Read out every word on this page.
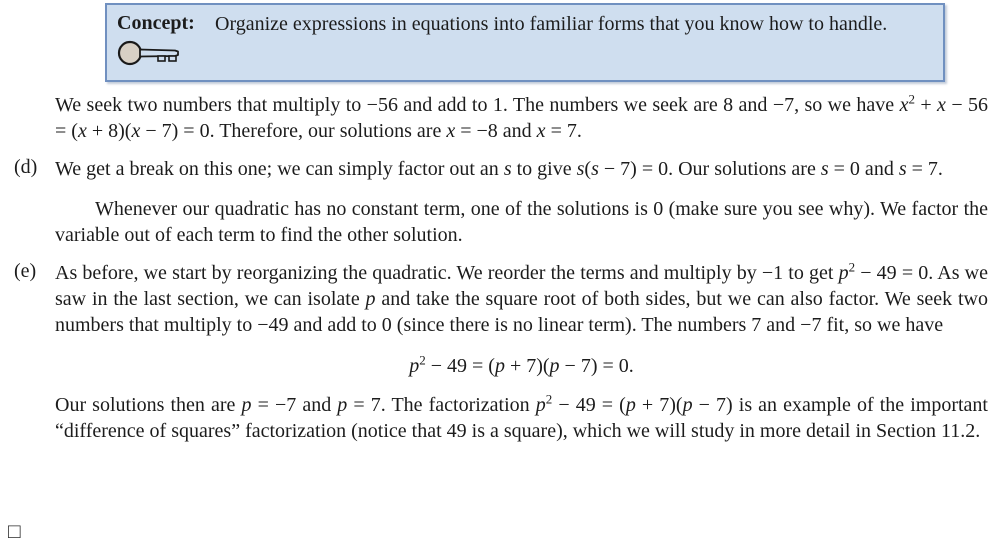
Concept:	Organize expressions in equations into familiar forms that you know how to handle.

We seek two numbers that multiply to −56 and add to 1. The numbers we seek are 8 and −7, so we have $x^2 + x - 56 = (x + 8)(x - 7) = 0$. Therefore, our solutions are x = −8 and x = 7.

(d) We get a break on this one; we can simply factor out an s to give s(s − 7) = 0. Our solutions are s = 0 and s = 7.

Whenever our quadratic has no constant term, one of the solutions is 0 (make sure you see why). We factor the variable out of each term to find the other solution.

(e) As before, we start by reorganizing the quadratic. We reorder the terms and multiply by −1 to get $p^2 - 49 = 0$. As we saw in the last section, we can isolate p and take the square root of both sides, but we can also factor. We seek two numbers that multiply to −49 and add to 0 (since there is no linear term). The numbers 7 and −7 fit, so we have

$p^2 - 49 = (p + 7)(p - 7) = 0$.

Our solutions then are p = −7 and p = 7. The factorization $p^2 - 49 = (p + 7)(p - 7)$ is an example of the important “difference of squares” factorization (notice that 49 is a square), which we will study in more detail in Section 11.2.

□
